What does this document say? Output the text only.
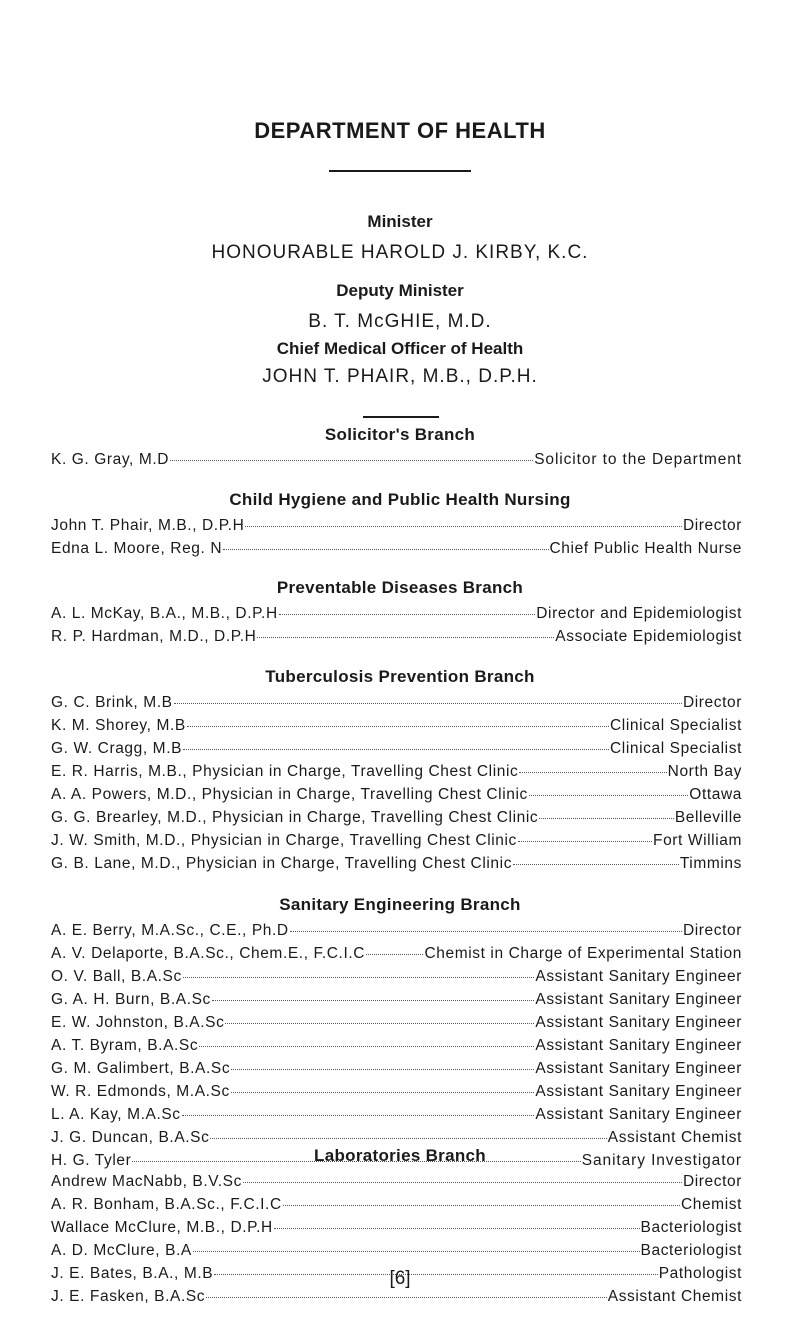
DEPARTMENT OF HEALTH
Minister
HONOURABLE HAROLD J. KIRBY, K.C.
Deputy Minister
B. T. McGHIE, M.D.
Chief Medical Officer of Health
JOHN T. PHAIR, M.B., D.P.H.
Solicitor's Branch
K. G. Gray, M.D	Solicitor to the Department
Child Hygiene and Public Health Nursing
John T. Phair, M.B., D.P.H	Director
Edna L. Moore, Reg. N	Chief Public Health Nurse
Preventable Diseases Branch
A. L. McKay, B.A., M.B., D.P.H	Director and Epidemiologist
R. P. Hardman, M.D., D.P.H	Associate Epidemiologist
Tuberculosis Prevention Branch
G. C. Brink, M.B	Director
K. M. Shorey, M.B	Clinical Specialist
G. W. Cragg, M.B	Clinical Specialist
E. R. Harris, M.B., Physician in Charge, Travelling Chest Clinic	North Bay
A. A. Powers, M.D., Physician in Charge, Travelling Chest Clinic	Ottawa
G. G. Brearley, M.D., Physician in Charge, Travelling Chest Clinic	Belleville
J. W. Smith, M.D., Physician in Charge, Travelling Chest Clinic	Fort William
G. B. Lane, M.D., Physician in Charge, Travelling Chest Clinic	Timmins
Sanitary Engineering Branch
A. E. Berry, M.A.Sc., C.E., Ph.D	Director
A. V. Delaporte, B.A.Sc., Chem.E., F.C.I.C	Chemist in Charge of Experimental Station
O. V. Ball, B.A.Sc	Assistant Sanitary Engineer
G. A. H. Burn, B.A.Sc	Assistant Sanitary Engineer
E. W. Johnston, B.A.Sc	Assistant Sanitary Engineer
A. T. Byram, B.A.Sc	Assistant Sanitary Engineer
G. M. Galimbert, B.A.Sc	Assistant Sanitary Engineer
W. R. Edmonds, M.A.Sc	Assistant Sanitary Engineer
L. A. Kay, M.A.Sc	Assistant Sanitary Engineer
J. G. Duncan, B.A.Sc	Assistant Chemist
H. G. Tyler	Sanitary Investigator
Laboratories Branch
Andrew MacNabb, B.V.Sc	Director
A. R. Bonham, B.A.Sc., F.C.I.C	Chemist
Wallace McClure, M.B., D.P.H	Bacteriologist
A. D. McClure, B.A	Bacteriologist
J. E. Bates, B.A., M.B	Pathologist
J. E. Fasken, B.A.Sc	Assistant Chemist
[6]
